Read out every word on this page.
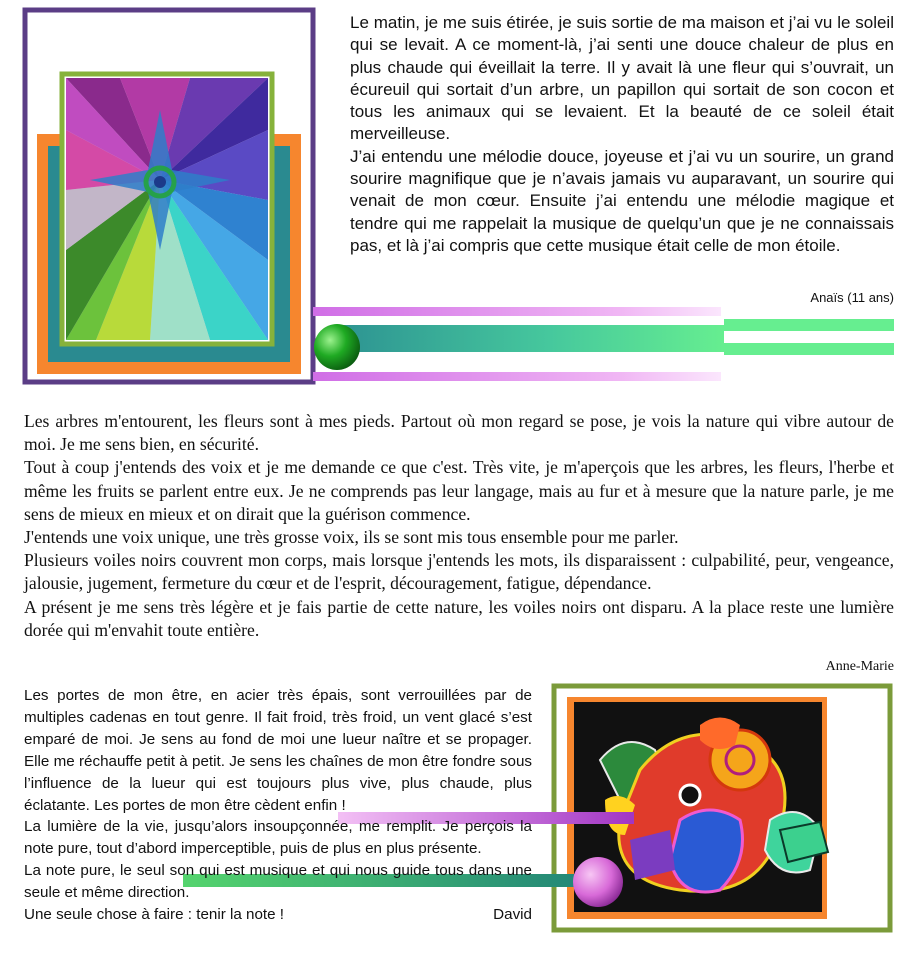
Le matin, je me suis étirée, je suis sortie de ma maison et j’ai vu le soleil qui se levait. A ce moment-là, j’ai senti une douce chaleur de plus en plus chaude qui éveillait la terre. Il y avait là une fleur qui s’ouvrait, un écureuil qui sortait d’un arbre, un papillon qui sortait de son cocon et tous les animaux qui se levaient. Et la beauté de ce soleil était merveilleuse.

J’ai entendu une mélodie douce, joyeuse et j’ai vu un sourire, un grand sourire magnifique que je n’avais jamais vu auparavant, un sourire qui venait de mon cœur. Ensuite j’ai entendu une mélodie magique et tendre qui me rappelait la musique de quelqu’un que je ne connaissais pas, et là j’ai compris que cette musique était celle de mon étoile.

Anaïs (11 ans)

Les arbres m'entourent, les fleurs sont à mes pieds. Partout où mon regard se pose, je vois la nature qui vibre autour de moi. Je me sens bien, en sécurité.

Tout à coup j'entends des voix et je me demande ce que c'est. Très vite, je m'aperçois que les arbres, les fleurs, l'herbe et même les fruits se parlent entre eux. Je ne comprends pas leur langage, mais au fur et à mesure que la nature parle, je me sens de mieux en mieux et on dirait que la guérison commence.

J'entends une voix unique, une très grosse voix, ils se sont mis tous ensemble pour me parler.

Plusieurs voiles noirs couvrent mon corps, mais lorsque j'entends les mots, ils disparaissent : culpabilité, peur, vengeance, jalousie, jugement, fermeture du cœur et de l'esprit, découragement, fatigue, dépendance.

A présent je me sens très légère et je fais partie de cette nature, les voiles noirs ont disparu. A la place reste une lumière dorée qui m'envahit toute entière.

Anne-Marie

Les portes de mon être, en acier très épais, sont verrouillées par de multiples cadenas en tout genre. Il fait froid, très froid, un vent glacé s’est emparé de moi. Je sens au fond de moi une lueur naître et se propager. Elle me réchauffe petit à petit. Je sens les chaînes de mon être fondre sous l’influence de la lueur qui est toujours plus vive, plus chaude, plus éclatante. Les portes de mon être cèdent enfin !

La lumière de la vie, jusqu’alors insoupçonnée, me remplit. Je perçois la note pure, tout d’abord imperceptible, puis de plus en plus présente.

La note pure, le seul son qui est musique et qui nous guide tous dans une seule et même direction.

Une seule chose à faire : tenir la note !	David
